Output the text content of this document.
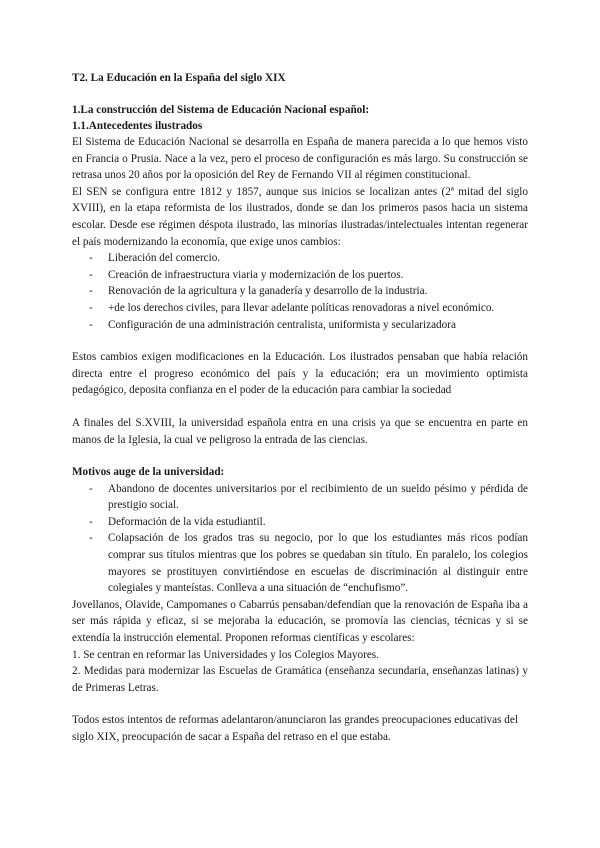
T2. La Educación en la España del siglo XIX
1.La construcción del Sistema de Educación Nacional español:
1.1.Antecedentes ilustrados

El Sistema de Educación Nacional se desarrolla en España de manera parecida a lo que hemos visto en Francia o Prusia. Nace a la vez, pero el proceso de configuración es más largo. Su construcción se retrasa unos 20 años por la oposición del Rey de Fernando VII al régimen constitucional.

El SEN se configura entre 1812 y 1857, aunque sus inicios se localizan antes (2ª mitad del siglo XVIII), en la etapa reformista de los ilustrados, donde se dan los primeros pasos hacia un sistema escolar. Desde ese régimen déspota ilustrado, las minorías ilustradas/intelectuales intentan regenerar el país modernizando la economía, que exige unos cambios:

- Liberación del comercio.
- Creación de infraestructura viaria y modernización de los puertos.
- Renovación de la agricultura y la ganadería y desarrollo de la industria.
- +de los derechos civiles, para llevar adelante políticas renovadoras a nivel económico.
- Configuración de una administración centralista, uniformista y secularizadora

Estos cambios exigen modificaciones en la Educación. Los ilustrados pensaban que había relación directa entre el progreso económico del país y la educación; era un movimiento optimista pedagógico, deposita confianza en el poder de la educación para cambiar la sociedad

A finales del S.XVIII, la universidad española entra en una crisis ya que se encuentra en parte en manos de la Iglesia, la cual ve peligroso la entrada de las ciencias.

Motivos auge de la universidad:
- Abandono de docentes universitarios por el recibimiento de un sueldo pésimo y pérdida de prestigio social.
- Deformación de la vida estudiantil.
- Colapsación de los grados tras su negocio, por lo que los estudiantes más ricos podían comprar sus títulos mientras que los pobres se quedaban sin título. En paralelo, los colegios mayores se prostituyen convirtiéndose en escuelas de discriminación al distinguir entre colegiales y manteístas. Conlleva a una situación de “enchufismo”.

Jovellanos, Olavide, Campomanes o Cabarrús pensaban/defendían que la renovación de España iba a ser más rápida y eficaz, si se mejoraba la educación, se promovía las ciencias, técnicas y si se extendía la instrucción elemental. Proponen reformas científicas y escolares:

1. Se centran en reformar las Universidades y los Colegios Mayores.

2. Medidas para modernizar las Escuelas de Gramática (enseñanza secundaria, enseñanzas latinas) y de Primeras Letras.

Todos estos intentos de reformas adelantaron/anunciaron las grandes preocupaciones educativas del siglo XIX, preocupación de sacar a España del retraso en el que estaba.
